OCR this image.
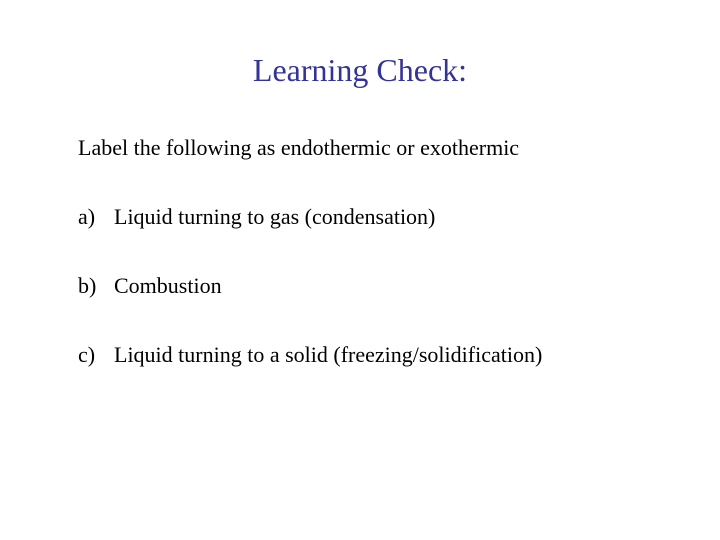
Learning Check:
Label the following as endothermic or exothermic
a) Liquid turning to gas (condensation)
b) Combustion
c) Liquid turning to a solid (freezing/solidification)
